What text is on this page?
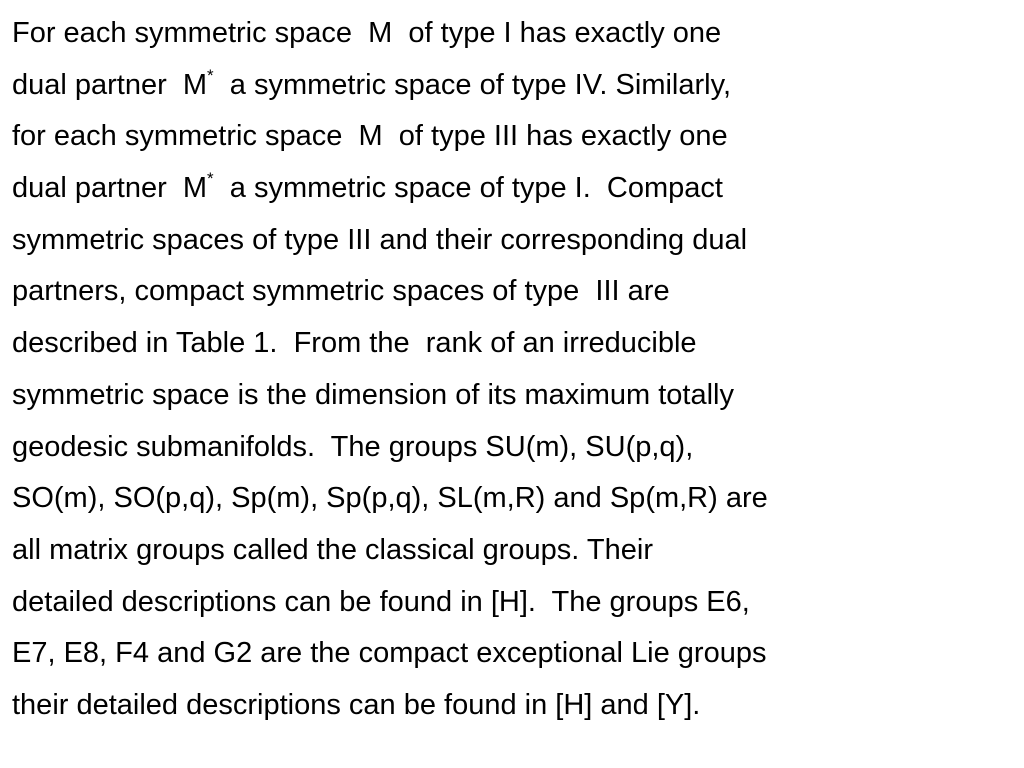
For each symmetric space  M  of type I has exactly one
dual partner  M*  a symmetric space of type IV. Similarly,
for each symmetric space  M  of type III has exactly one
dual partner  M*  a symmetric space of type I.  Compact
symmetric spaces of type III and their corresponding dual
partners, compact symmetric spaces of type  III are
described in Table 1.  From the  rank of an irreducible
symmetric space is the dimension of its maximum totally
geodesic submanifolds.  The groups SU(m), SU(p,q),
SO(m), SO(p,q), Sp(m), Sp(p,q), SL(m,R) and Sp(m,R) are
all matrix groups called the classical groups. Their
detailed descriptions can be found in [H].  The groups E6,
E7, E8, F4 and G2 are the compact exceptional Lie groups
their detailed descriptions can be found in [H] and [Y].
